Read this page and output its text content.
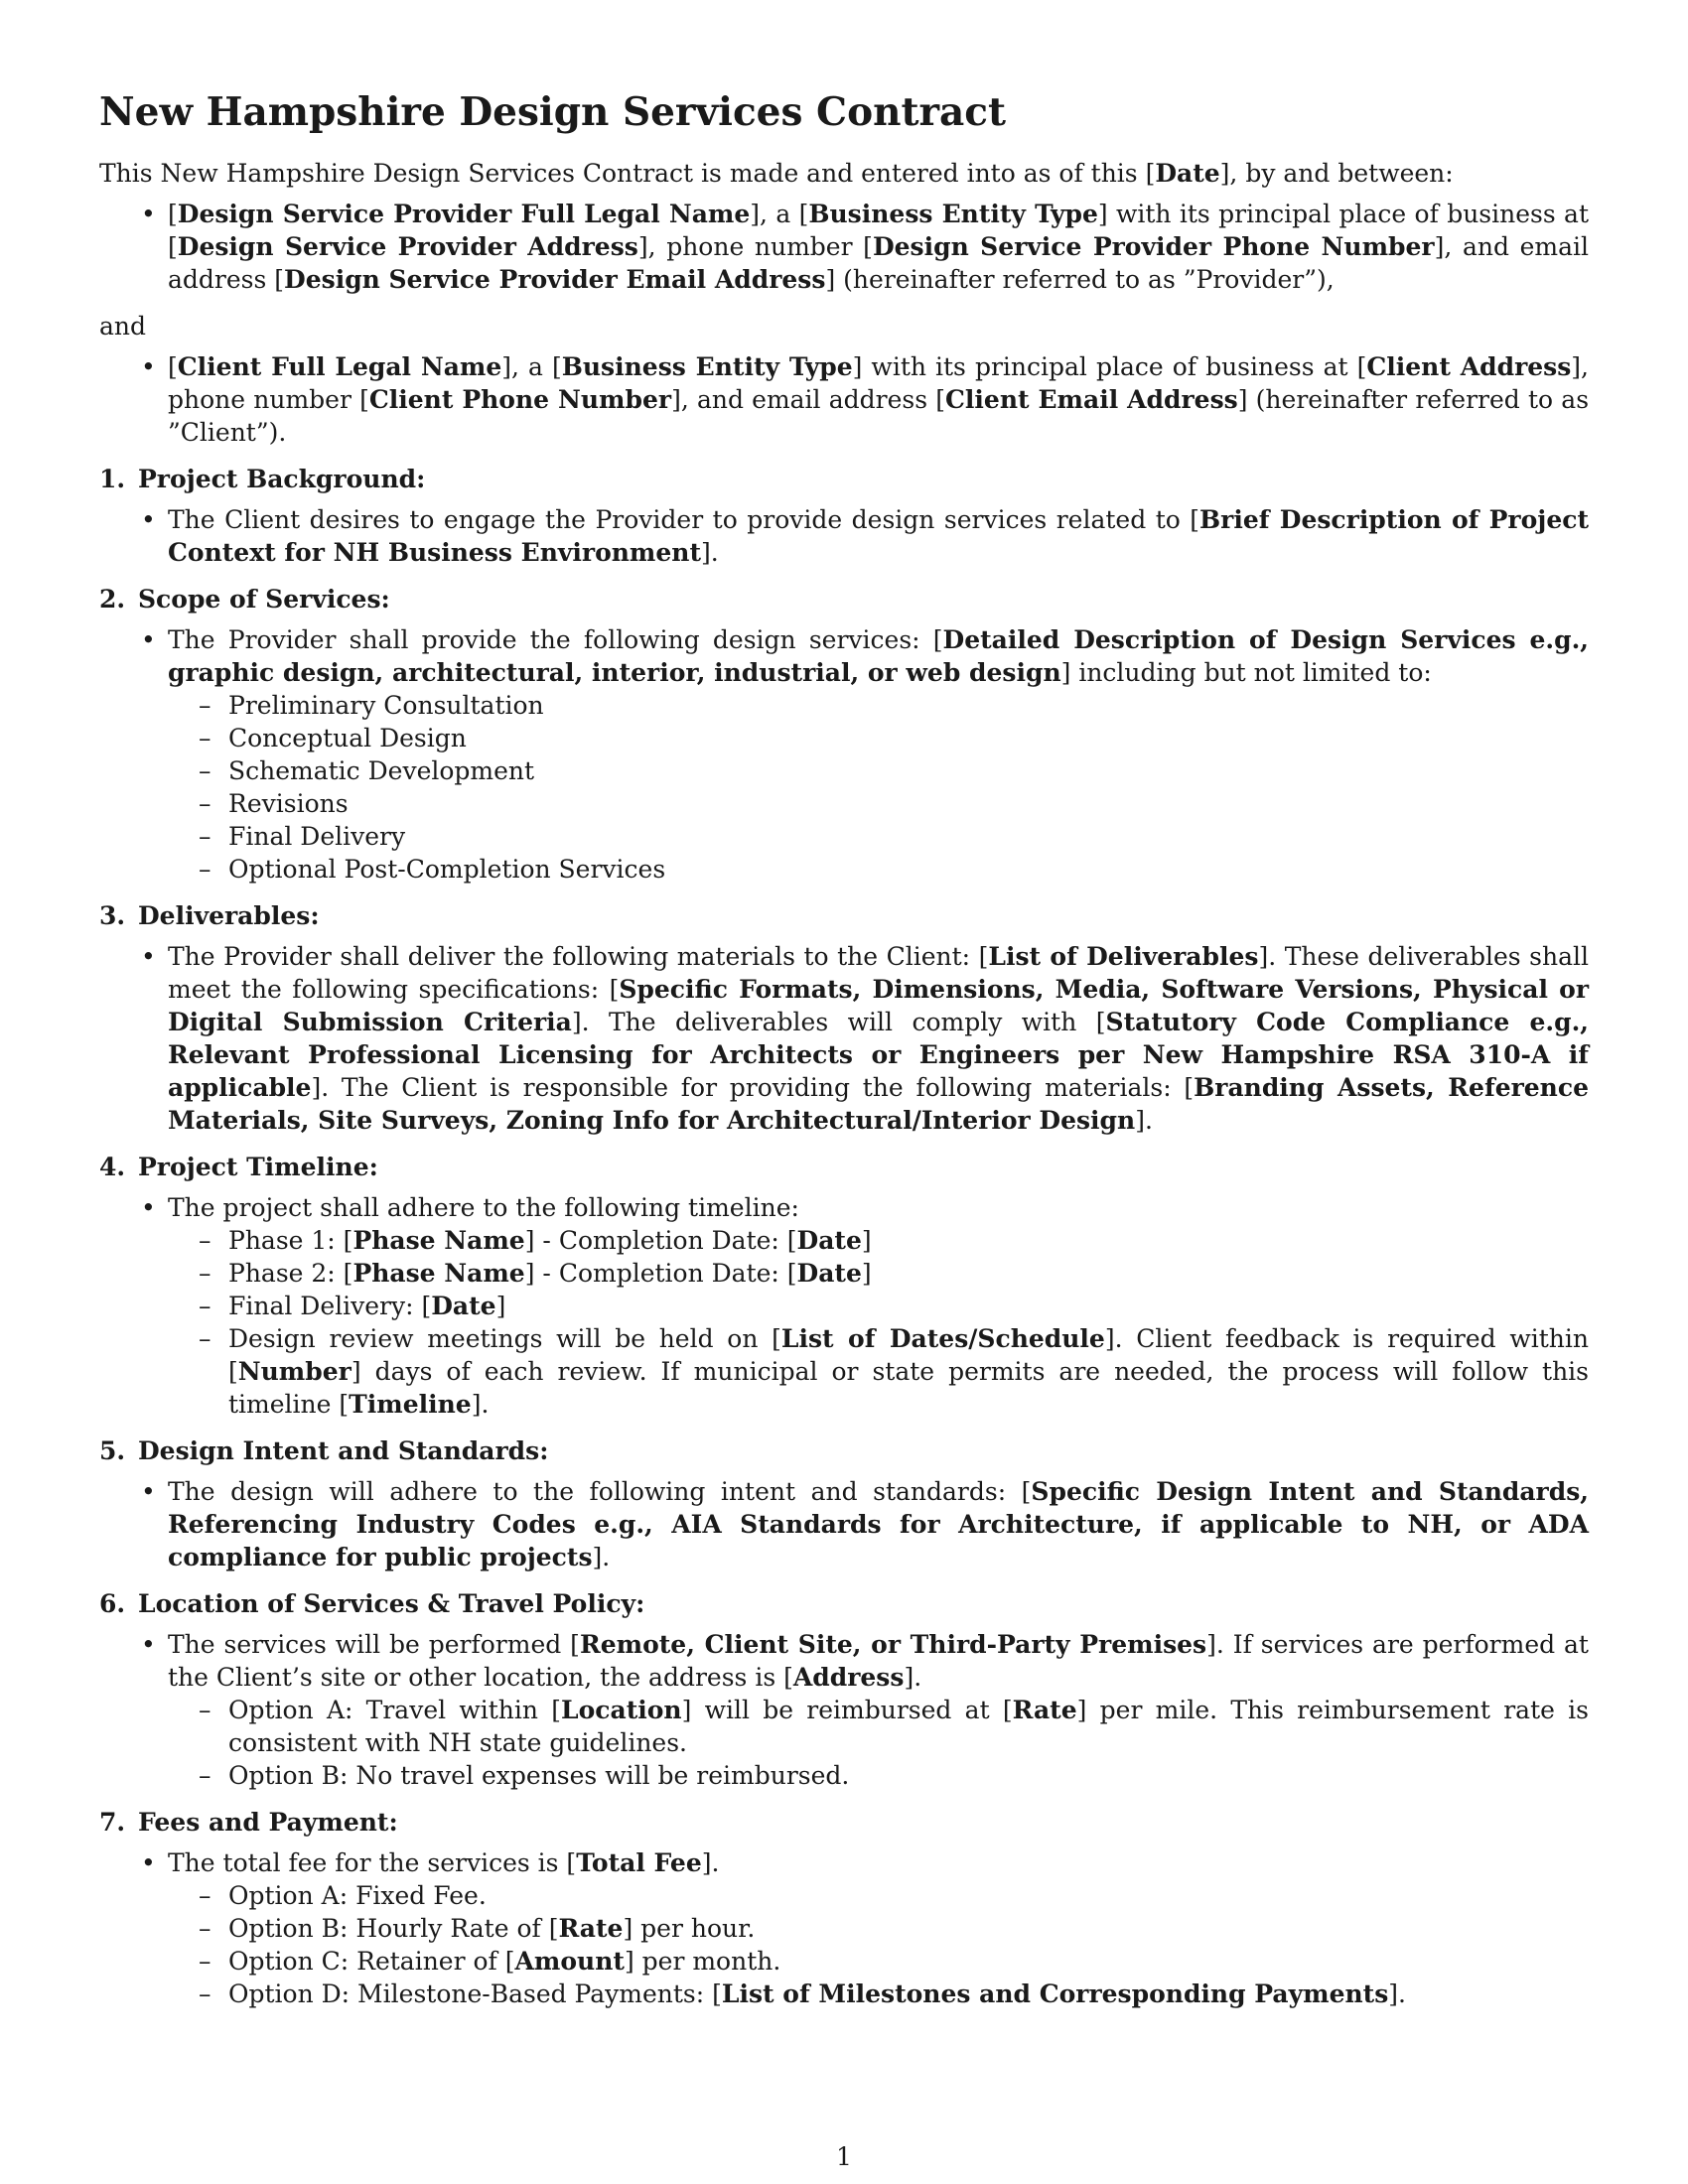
New Hampshire Design Services Contract

This New Hampshire Design Services Contract is made and entered into as of this [Date], by and between:

• [Design Service Provider Full Legal Name], a [Business Entity Type] with its principal place of business at [Design Service Provider Address], phone number [Design Service Provider Phone Number], and email address [Design Service Provider Email Address] (hereinafter referred to as ”Provider”),

and

• [Client Full Legal Name], a [Business Entity Type] with its principal place of business at [Client Address], phone number [Client Phone Number], and email address [Client Email Address] (hereinafter referred to as ”Client”).
1. Project Background:
• The Client desires to engage the Provider to provide design services related to [Brief Description of Project Context for NH Business Environment].
2. Scope of Services:
• The Provider shall provide the following design services: [Detailed Description of Design Services e.g., graphic design, architectural, interior, industrial, or web design] including but not limited to:
– Preliminary Consultation
– Conceptual Design
– Schematic Development
– Revisions
– Final Delivery
– Optional Post-Completion Services
3. Deliverables:
• The Provider shall deliver the following materials to the Client: [List of Deliverables]. These deliverables shall meet the following specifications: [Specific Formats, Dimensions, Media, Software Versions, Physical or Digital Submission Criteria]. The deliverables will comply with [Statutory Code Compliance e.g., Relevant Professional Licensing for Architects or Engineers per New Hampshire RSA 310-A if applicable]. The Client is responsible for providing the following materials: [Branding Assets, Reference Materials, Site Surveys, Zoning Info for Architectural/Interior Design].
4. Project Timeline:
• The project shall adhere to the following timeline:
– Phase 1: [Phase Name] - Completion Date: [Date]
– Phase 2: [Phase Name] - Completion Date: [Date]
– Final Delivery: [Date]
– Design review meetings will be held on [List of Dates/Schedule]. Client feedback is required within [Number] days of each review. If municipal or state permits are needed, the process will follow this timeline [Timeline].
5. Design Intent and Standards:
• The design will adhere to the following intent and standards: [Specific Design Intent and Standards, Referencing Industry Codes e.g., AIA Standards for Architecture, if applicable to NH, or ADA compliance for public projects].
6. Location of Services & Travel Policy:
• The services will be performed [Remote, Client Site, or Third-Party Premises]. If services are performed at the Client’s site or other location, the address is [Address].
– Option A: Travel within [Location] will be reimbursed at [Rate] per mile. This reimbursement rate is consistent with NH state guidelines.
– Option B: No travel expenses will be reimbursed.
7. Fees and Payment:
• The total fee for the services is [Total Fee].
– Option A: Fixed Fee.
– Option B: Hourly Rate of [Rate] per hour.
– Option C: Retainer of [Amount] per month.
– Option D: Milestone-Based Payments: [List of Milestones and Corresponding Payments].
1
